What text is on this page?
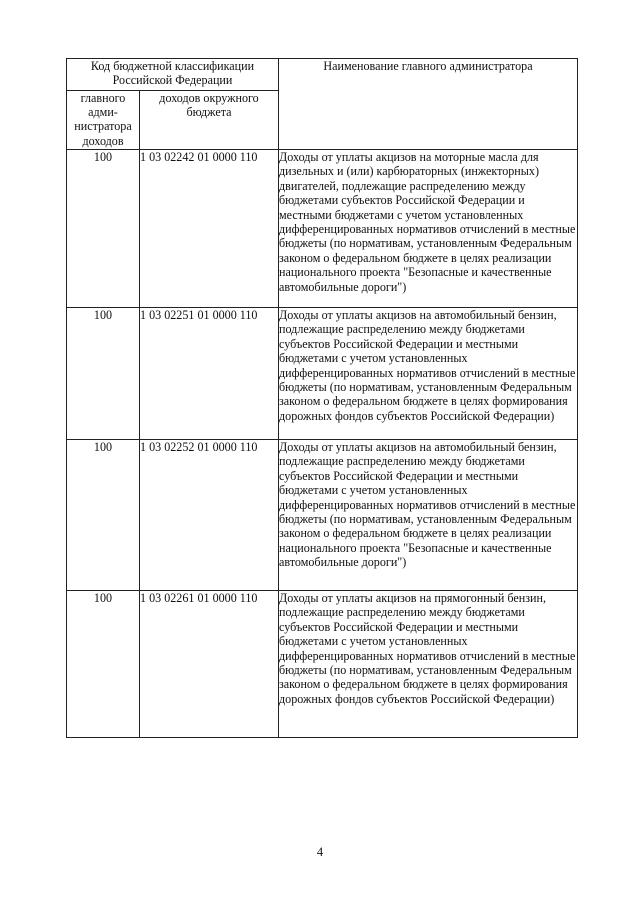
Код бюджетной классификации Российской Федерации		Наименование главного администратора
главного адми-нистратора доходов	доходов окружного бюджета	
100	1 03 02242 01 0000 110	Доходы от уплаты акцизов на моторные масла для дизельных и (или) карбюраторных (инжекторных) двигателей, подлежащие распределению между бюджетами субъектов Российской Федерации и местными бюджетами с учетом установленных дифференцированных нормативов отчислений в местные бюджеты (по нормативам, установленным Федеральным законом о федеральном бюджете в целях реализации национального проекта "Безопасные и качественные автомобильные дороги")
100	1 03 02251 01 0000 110	Доходы от уплаты акцизов на автомобильный бензин, подлежащие распределению между бюджетами субъектов Российской Федерации и местными бюджетами с учетом установленных дифференцированных нормативов отчислений в местные бюджеты (по нормативам, установленным Федеральным законом о федеральном бюджете в целях формирования дорожных фондов субъектов Российской Федерации)
100	1 03 02252 01 0000 110	Доходы от уплаты акцизов на автомобильный бензин, подлежащие распределению между бюджетами субъектов Российской Федерации и местными бюджетами с учетом установленных дифференцированных нормативов отчислений в местные бюджеты (по нормативам, установленным Федеральным законом о федеральном бюджете в целях реализации национального проекта "Безопасные и качественные автомобильные дороги")
100	1 03 02261 01 0000 110	Доходы от уплаты акцизов на прямогонный бензин, подлежащие распределению между бюджетами субъектов Российской Федерации и местными бюджетами с учетом установленных дифференцированных нормативов отчислений в местные бюджеты (по нормативам, установленным Федеральным законом о федеральном бюджете в целях формирования дорожных фондов субъектов Российской Федерации)
4
